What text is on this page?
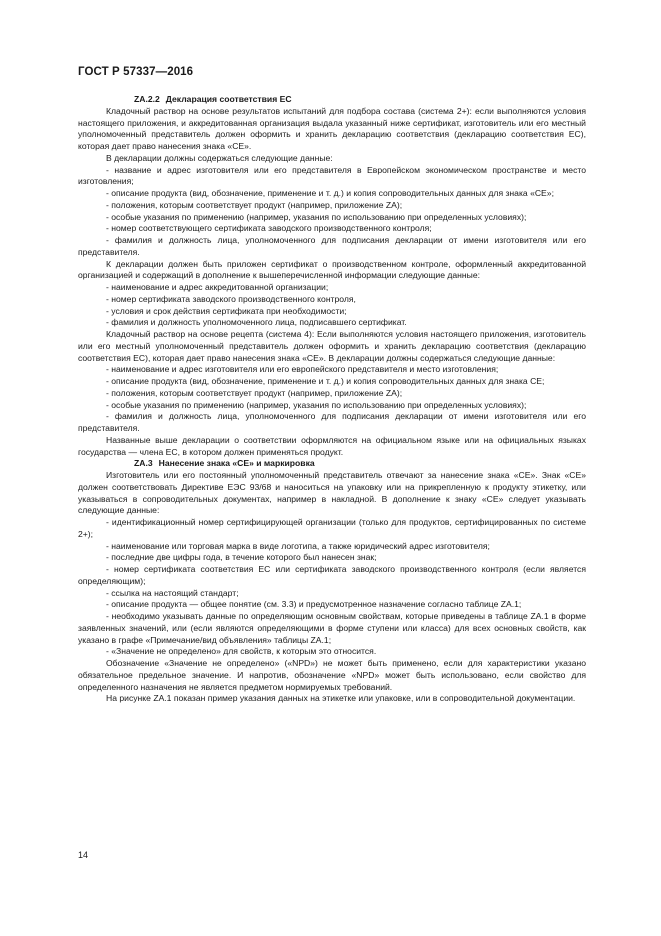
ГОСТ Р 57337—2016

ZA.2.2 Декларация соответствия ЕС

Кладочный раствор на основе результатов испытаний для подбора состава (система 2+): если выполняются условия настоящего приложения, и аккредитованная организация выдала указанный ниже сертификат, изготовитель или его местный уполномоченный представитель должен оформить и хранить декларацию соответствия (декларацию соответствия ЕС), которая дает право нанесения знака «CE».

В декларации должны содержаться следующие данные:

- название и адрес изготовителя или его представителя в Европейском экономическом пространстве и место изготовления;

- описание продукта (вид, обозначение, применение и т. д.) и копия сопроводительных данных для знака «CE»;

- положения, которым соответствует продукт (например, приложение ZA);

- особые указания по применению (например, указания по использованию при определенных условиях);

- номер соответствующего сертификата заводского производственного контроля;

- фамилия и должность лица, уполномоченного для подписания декларации от имени изготовителя или его представителя.

К декларации должен быть приложен сертификат о производственном контроле, оформленный аккредитованной организацией и содержащий в дополнение к вышеперечисленной информации следующие данные:

- наименование и адрес аккредитованной организации;

- номер сертификата заводского производственного контроля,

- условия и срок действия сертификата при необходимости;

- фамилия и должность уполномоченного лица, подписавшего сертификат.

Кладочный раствор на основе рецепта (система 4): Если выполняются условия настоящего приложения, изготовитель или его местный уполномоченный представитель должен оформить и хранить декларацию соответствия (декларацию соответствия ЕС), которая дает право нанесения знака «CE». В декларации должны содержаться следующие данные:

- наименование и адрес изготовителя или его европейского представителя и место изготовления;

- описание продукта (вид, обозначение, применение и т. д.) и копия сопроводительных данных для знака CE;

- положения, которым соответствует продукт (например, приложение ZA);

- особые указания по применению (например, указания по использованию при определенных условиях);

- фамилия и должность лица, уполномоченного для подписания декларации от имени изготовителя или его представителя.

Названные выше декларации о соответствии оформляются на официальном языке или на официальных языках государства — члена ЕС, в котором должен применяться продукт.

ZA.3 Нанесение знака «CE» и маркировка

Изготовитель или его постоянный уполномоченный представитель отвечают за нанесение знака «CE». Знак «CE» должен соответствовать Директиве ЕЭС 93/68 и наноситься на упаковку или на прикрепленную к продукту этикетку, или указываться в сопроводительных документах, например в накладной. В дополнение к знаку «CE» следует указывать следующие данные:

- идентификационный номер сертифицирующей организации (только для продуктов, сертифицированных по системе 2+);

- наименование или торговая марка в виде логотипа, а также юридический адрес изготовителя;

- последние две цифры года, в течение которого был нанесен знак;

- номер сертификата соответствия ЕС или сертификата заводского производственного контроля (если является определяющим);

- ссылка на настоящий стандарт;

- описание продукта — общее понятие (см. 3.3) и предусмотренное назначение согласно таблице ZA.1;

- необходимо указывать данные по определяющим основным свойствам, которые приведены в таблице ZA.1 в форме заявленных значений, или (если являются определяющими в форме ступени или класса) для всех основных свойств, как указано в графе «Примечание/вид объявления» таблицы ZA.1;

- «Значение не определено» для свойств, к которым это относится.

Обозначение «Значение не определено» («NPD») не может быть применено, если для характеристики указано обязательное предельное значение. И напротив, обозначение «NPD» может быть использовано, если свойство для определенного назначения не является предметом нормируемых требований.

На рисунке ZA.1 показан пример указания данных на этикетке или упаковке, или в сопроводительной документации.

14
